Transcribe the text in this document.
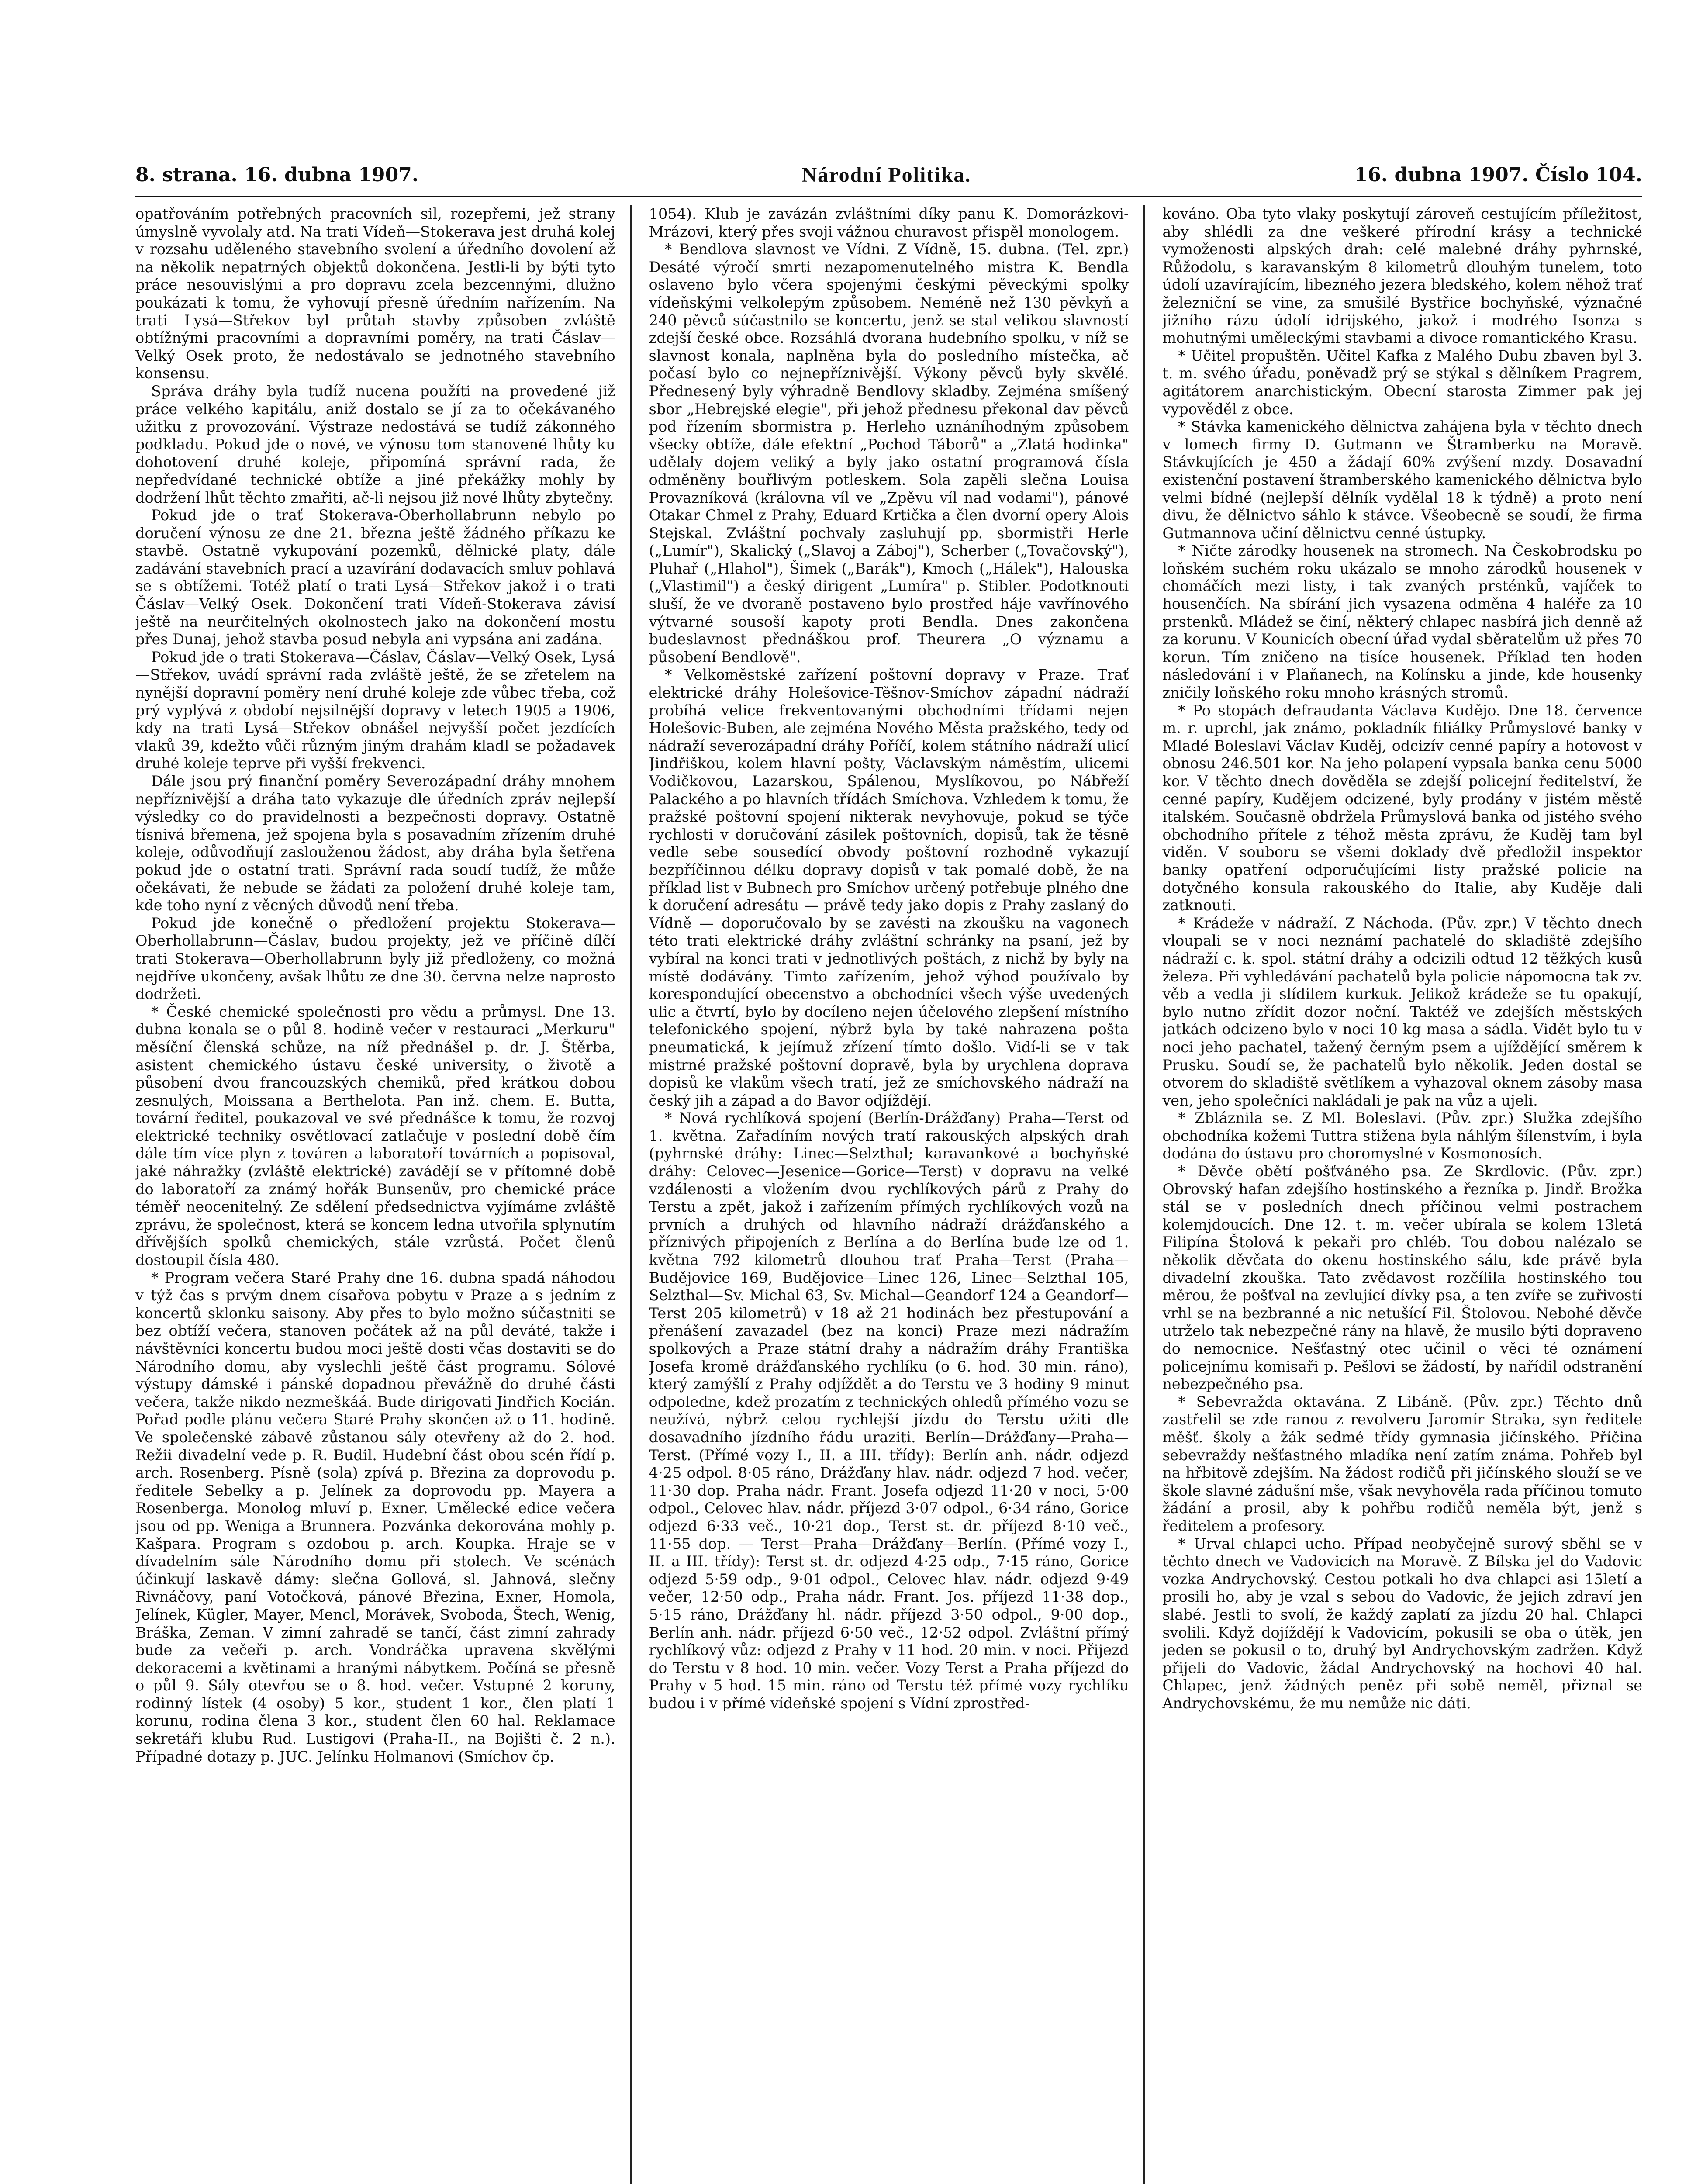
8. strana. 16. dubna 1907.	Národní Politika.	16. dubna 1907. Číslo 104.

opatřováním potřebných pracovních sil, rozepřemi, jež strany úmyslně vyvolaly atd. Na trati Vídeň—Stokerava jest druhá kolej v rozsahu uděleného stavebního svolení a úředního dovolení až na několik nepatrných objektů dokončena. Jestli-li by býti tyto práce nesouvislými a pro dopravu zcela bezcennými, dlužno poukázati k tomu, že vyhovují přesně úředním nařízením. Na trati Lysá—Střekov byl průtah stavby způsoben zvláště obtížnými pracovními a dopravními poměry, na trati Čáslav—Velký Osek proto, že nedostávalo se jednotného stavebního konsensu.

Správa dráhy byla tudíž nucena použíti na provedené již práce velkého kapitálu, aniž dostalo se jí za to očekávaného užitku z provozování. Výstraze nedostává se tudíž zákonného podkladu. Pokud jde o nové, ve výnosu tom stanovené lhůty ku dohotovení druhé koleje, připomíná správní rada, že nepředvídané technické obtíže a jiné překážky mohly by dodržení lhůt těchto zmařiti, ač-li nejsou již nové lhůty zbytečny.

Pokud jde o trať Stokerava-Oberhollabrunn nebylo po doručení výnosu ze dne 21. března ještě žádného příkazu ke stavbě. Ostatně vykupování pozemků, dělnické platy, dále zadávání stavebních prací a uzavírání dodavacích smluv pohlavá se s obtížemi. Totéž platí o trati Lysá—Střekov jakož i o trati Čáslav—Velký Osek. Dokončení trati Vídeň-Stokerava závisí ještě na neurčitelných okolnostech jako na dokončení mostu přes Dunaj, jehož stavba posud nebyla ani vypsána ani zadána.

Pokud jde o trati Stokerava—Čáslav, Čáslav—Velký Osek, Lysá—Střekov, uvádí správní rada zvláště ještě, že se zřetelem na nynější dopravní poměry není druhé koleje zde vůbec třeba, což prý vyplývá z období nejsilnější dopravy v letech 1905 a 1906, kdy na trati Lysá—Střekov obnášel nejvyšší počet jezdících vlaků 39, kdežto vůči různým jiným drahám kladl se požadavek druhé koleje teprve při vyšší frekvenci.

Dále jsou prý finanční poměry Severozápadní dráhy mnohem nepříznivější a dráha tato vykazuje dle úředních zpráv nejlepší výsledky co do pravidelnosti a bezpečnosti dopravy. Ostatně tísnivá břemena, jež spojena byla s posavadním zřízením druhé koleje, odůvodňují zaslouženou žádost, aby dráha byla šetřena pokud jde o ostatní trati. Správní rada soudí tudíž, že může očekávati, že nebude se žádati za položení druhé koleje tam, kde toho nyní z věcných důvodů není třeba.

Pokud jde konečně o předložení projektu Stokerava—Oberhollabrunn—Čáslav, budou projekty, jež ve příčině dílčí trati Stokerava—Oberhollabrunn byly již předloženy, co možná nejdříve ukončeny, avšak lhůtu ze dne 30. června nelze naprosto dodržeti.

* České chemické společnosti pro vědu a průmysl. Dne 13. dubna konala se o půl 8. hodině večer v restauraci „Merkuru" měsíční členská schůze, na níž přednášel p. dr. J. Štěrba, asistent chemického ústavu české university, o životě a působení dvou francouzských chemiků, před krátkou dobou zesnulých, Moissana a Berthelota. Pan inž. chem. E. Butta, tovární ředitel, poukazoval ve své přednášce k tomu, že rozvoj elektrické techniky osvětlovací zatlačuje v poslední době čím dále tím více plyn z továren a laboratoří továrních a popisoval, jaké náhražky (zvláště elektrické) zavádějí se v přítomné době do laboratoří za známý hořák Bunsenův, pro chemické práce téměř neocenitelný. Ze sdělení předsednictva vyjímáme zvláště zprávu, že společnost, která se koncem ledna utvořila splynutím dřívějších spolků chemických, stále vzrůstá. Počet členů dostoupil čísla 480.

* Program večera Staré Prahy dne 16. dubna spadá náhodou v týž čas s prvým dnem císařova pobytu v Praze a s jedním z koncertů sklonku saisony. Aby přes to bylo možno súčastniti se bez obtíží večera, stanoven počátek až na půl deváté, takže i návštěvníci koncertu budou moci ještě dosti včas dostaviti se do Národního domu, aby vyslechli ještě část programu. Sólové výstupy dámské i pánské dopadnou převážně do druhé části večera, takže nikdo nezmeškáá. Bude dirigovati Jindřich Kocián. Pořad podle plánu večera Staré Prahy skončen až o 11. hodině. Ve společenské zábavě zůstanou sály otevřeny až do 2. hod. Režii divadelní vede p. R. Budil. Hudební část obou scén řídí p. arch. Rosenberg. Písně (sola) zpívá p. Březina za doprovodu p. ředitele Sebelky a p. Jelínek za doprovodu pp. Mayera a Rosenberga. Monolog mluví p. Exner. Umělecké edice večera jsou od pp. Weniga a Brunnera. Pozvánka dekorována mohly p. Kašpara. Program s ozdobou p. arch. Koupka. Hraje se v dívadelním sále Národního domu při stolech. Ve scénách účinkují laskavě dámy: slečna Gollová, sl. Jahnová, slečny Rivnáčovy, paní Votočková, pánové Březina, Exner, Homola, Jelínek, Kügler, Mayer, Mencl, Morávek, Svoboda, Štech, Wenig, Bráška, Zeman. V zimní zahradě se tančí, část zimní zahrady bude za večeři p. arch. Vondráčka upravena skvělými dekoracemi a květinami a hranými nábytkem. Počíná se přesně o půl 9. Sály otevřou se o 8. hod. večer. Vstupné 2 koruny, rodinný lístek (4 osoby) 5 kor., student 1 kor., člen platí 1 korunu, rodina člena 3 kor., student člen 60 hal. Reklamace sekretáři klubu Rud. Lustigovi (Praha-II., na Bojišti č. 2 n.). Případné dotazy p. JUC. Jelínku Holmanovi (Smíchov čp.

1054). Klub je zavázán zvláštními díky panu K. Domorázkovi-Mrázovi, který přes svoji vážnou churavost přispěl monologem.

* Bendlova slavnost ve Vídni. Z Vídně, 15. dubna. (Tel. zpr.) Desáté výročí smrti nezapomenutelného mistra K. Bendla oslaveno bylo včera spojenými českými pěveckými spolky vídeňskými velkolepým způsobem. Neméně než 130 pěvkyň a 240 pěvců súčastnilo se koncertu, jenž se stal velikou slavností zdejší české obce. Rozsáhlá dvorana hudebního spolku, v níž se slavnost konala, naplněna byla do posledního místečka, ač počasí bylo co nejnepříznivější. Výkony pěvců byly skvělé. Přednesený byly výhradně Bendlovy skladby. Zejména smíšený sbor „Hebrejské elegie", při jehož přednesu překonal dav pěvců pod řízením sbormistra p. Herleho uznáníhodným způsobem všecky obtíže, dále efektní „Pochod Táborů" a „Zlatá hodinka" udělaly dojem veliký a byly jako ostatní programová čísla odměněny bouřlivým potleskem. Sola zapěli slečna Louisa Provazníková (královna víl ve „Zpěvu víl nad vodami"), pánové Otakar Chmel z Prahy, Eduard Krtička a člen dvorní opery Alois Stejskal. Zvláštní pochvaly zasluhují pp. sbormistři Herle („Lumír"), Skalický („Slavoj a Záboj"), Scherber („Tovačovský"), Pluhař („Hlahol"), Šimek („Barák"), Kmoch („Hálek"), Halouska („Vlastimil") a český dirigent „Lumíra" p. Stibler. Podotknouti sluší, že ve dvoraně postaveno bylo prostřed háje vavřínového výtvarné sousoší kapoty proti Bendla. Dnes zakončena budeslavnost přednáškou prof. Theurera „O významu a působení Bendlově".

* Velkoměstské zařízení poštovní dopravy v Praze. Trať elektrické dráhy Holešovice-Těšnov-Smíchov západní nádraží probíhá velice frekventovanými obchodními třídami nejen Holešovic-Buben, ale zejména Nového Města pražského, tedy od nádraží severozápadní dráhy Poříčí, kolem státního nádraží ulicí Jindřiškou, kolem hlavní pošty, Václavským náměstím, ulicemi Vodičkovou, Lazarskou, Spálenou, Myslíkovou, po Nábřeží Palackého a po hlavních třídách Smíchova. Vzhledem k tomu, že pražské poštovní spojení nikterak nevyhovuje, pokud se týče rychlosti v doručování zásilek poštovních, dopisů, tak že těsně vedle sebe sousedící obvody poštovní rozhodně vykazují bezpříčinnou délku dopravy dopisů v tak pomalé době, že na příklad list v Bubnech pro Smíchov určený potřebuje plného dne k doručení adresátu — právě tedy jako dopis z Prahy zaslaný do Vídně — doporučovalo by se zavésti na zkoušku na vagonech této trati elektrické dráhy zvláštní schránky na psaní, jež by vybíral na konci trati v jednotlivých poštách, z nichž by byly na místě dodávány. Timto zařízením, jehož výhod používalo by korespondující obecenstvo a obchodníci všech výše uvedených ulic a čtvrtí, bylo by docíleno nejen účelového zlepšení místního telefonického spojení, nýbrž byla by také nahrazena pošta pneumatická, k jejímuž zřízení tímto došlo. Vidí-li se v tak mistrné pražské poštovní dopravě, byla by urychlena doprava dopisů ke vlakům všech tratí, jež ze smíchovského nádraží na český jih a západ a do Bavor odjíždějí.

* Nová rychlíková spojení (Berlín-Drážďany) Praha—Terst od 1. května. Zařadíním nových tratí rakouských alpských drah (pyhrnské dráhy: Linec—Selzthal; karavankové a bochyňské dráhy: Celovec—Jesenice—Gorice—Terst) v dopravu na velké vzdálenosti a vložením dvou rychlíkových párů z Prahy do Terstu a zpět, jakož i zařízením přímých rychlíkových vozů na prvních a druhých od hlavního nádraží drážďanského a příznivých připojeních z Berlína a do Berlína bude lze od 1. května 792 kilometrů dlouhou trať Praha—Terst (Praha—Budějovice 169, Budějovice—Linec 126, Linec—Selzthal 105, Selzthal—Sv. Michal 63, Sv. Michal—Geandorf 124 a Geandorf—Terst 205 kilometrů) v 18 až 21 hodinách bez přestupování a přenášení zavazadel (bez na konci) Praze mezi nádražím spolkových a Praze státní drahy a nádražím dráhy Františka Josefa kromě drážďanského rychlíku (o 6. hod. 30 min. ráno), který zamýšlí z Prahy odjíždět a do Terstu ve 3 hodiny 9 minut odpoledne, kdež prozatím z technických ohledů přímého vozu se neužívá, nýbrž celou rychlejší jízdu do Terstu užiti dle dosavadního jízdního řádu uraziti. Berlín—Drážďany—Praha—Terst. (Přímé vozy I., II. a III. třídy): Berlín anh. nádr. odjezd 4·25 odpol. 8·05 ráno, Drážďany hlav. nádr. odjezd 7 hod. večer, 11·30 dop. Praha nádr. Frant. Josefa odjezd 11·20 v noci, 5·00 odpol., Celovec hlav. nádr. příjezd 3·07 odpol., 6·34 ráno, Gorice odjezd 6·33 več., 10·21 dop., Terst st. dr. příjezd 8·10 več., 11·55 dop. — Terst—Praha—Drážďany—Berlín. (Přímé vozy I., II. a III. třídy): Terst st. dr. odjezd 4·25 odp., 7·15 ráno, Gorice odjezd 5·59 odp., 9·01 odpol., Celovec hlav. nádr. odjezd 9·49 večer, 12·50 odp., Praha nádr. Frant. Jos. příjezd 11·38 dop., 5·15 ráno, Drážďany hl. nádr. příjezd 3·50 odpol., 9·00 dop., Berlín anh. nádr. příjezd 6·50 več., 12·52 odpol. Zvláštní přímý rychlíkový vůz: odjezd z Prahy v 11 hod. 20 min. v noci. Přijezd do Terstu v 8 hod. 10 min. večer. Vozy Terst a Praha příjezd do Prahy v 5 hod. 15 min. ráno od Terstu též přímé vozy rychlíku budou i v přímé vídeňské spojení s Vídní zprostřed-

kováno. Oba tyto vlaky poskytují zároveň cestujícím příležitost, aby shlédli za dne veškeré přírodní krásy a technické vymoženosti alpských drah: celé malebné dráhy pyhrnské, Růžodolu, s karavanským 8 kilometrů dlouhým tunelem, toto údolí uzavírajícím, libezného jezera bledského, kolem něhož trať železniční se vine, za smušilé Bystřice bochyňské, význačné jižního rázu údolí idrijského, jakož i modrého Isonza s mohutnými uměleckými stavbami a divoce romantického Krasu.

* Učitel propuštěn. Učitel Kafka z Malého Dubu zbaven byl 3. t. m. svého úřadu, poněvadž prý se stýkal s dělníkem Pragrem, agitátorem anarchistickým. Obecní starosta Zimmer pak jej vypověděl z obce.

* Stávka kamenického dělnictva zahájena byla v těchto dnech v lomech firmy D. Gutmann ve Štramberku na Moravě. Stávkujících je 450 a žádají 60% zvýšení mzdy. Dosavadní existenční postavení štramberského kamenického dělnictva bylo velmi bídné (nejlepší dělník vydělal 18 k týdně) a proto není divu, že dělnictvo sáhlo k stávce. Všeobecně se soudí, že firma Gutmannova učiní dělnictvu cenné ústupky.

* Ničte zárodky housenek na stromech. Na Českobrodsku po loňském suchém roku ukázalo se mnoho zárodků housenek v chomáčích mezi listy, i tak zvaných prsténků, vajíček to housenčích. Na sbírání jich vysazena odměna 4 haléře za 10 prstenků. Mládež se činí, některý chlapec nasbírá jich denně až za korunu. V Kounicích obecní úřad vydal sběratelům už přes 70 korun. Tím zničeno na tisíce housenek. Příklad ten hoden následování i v Plaňanech, na Kolínsku a jinde, kde housenky zničily loňského roku mnoho krásných stromů.

* Po stopách defraudanta Václava Kudějo. Dne 18. července m. r. uprchl, jak známo, pokladník filiálky Průmyslové banky v Mladé Boleslavi Václav Kuděj, odcizív cenné papíry a hotovost v obnosu 246.501 kor. Na jeho polapení vypsala banka cenu 5000 kor. V těchto dnech dověděla se zdejší policejní ředitelství, že cenné papíry, Kudějem odcizené, byly prodány v jistém městě italském. Současně obdržela Průmyslová banka od jistého svého obchodního přítele z téhož města zprávu, že Kuděj tam byl viděn. V souboru se všemi doklady dvě předložil inspektor banky opatření odporučujícími listy pražské policie na dotyčného konsula rakouského do Italie, aby Kuděje dali zatknouti.

* Krádeže v nádraží. Z Náchoda. (Pův. zpr.) V těchto dnech vloupali se v noci neznámí pachatelé do skladiště zdejšího nádraží c. k. spol. státní dráhy a odcizili odtud 12 těžkých kusů železa. Při vyhledávání pachatelů byla policie nápomocna tak zv. věb a vedla ji slídilem kurkuk. Jelikož krádeže se tu opakují, bylo nutno zřídit dozor noční. Taktéž ve zdejších městských jatkách odcizeno bylo v noci 10 kg masa a sádla. Vidět bylo tu v noci jeho pachatel, tažený černým psem a ujíždějící směrem k Prusku. Soudí se, že pachatelů bylo několik. Jeden dostal se otvorem do skladiště světlíkem a vyhazoval oknem zásoby masa ven, jeho společníci nakládali je pak na vůz a ujeli.

* Zbláznila se. Z Ml. Boleslavi. (Pův. zpr.) Služka zdejšího obchodníka kožemi Tuttra stižena byla náhlým šílenstvím, i byla dodána do ústavu pro choromyslné v Kosmonosích.

* Děvče obětí pošťváného psa. Ze Skrdlovic. (Pův. zpr.) Obrovský hafan zdejšího hostinského a řezníka p. Jindř. Brožka stál se v posledních dnech příčinou velmi postrachem kolemjdoucích. Dne 12. t. m. večer ubírala se kolem 13letá Filipína Štolová k pekaři pro chléb. Tou dobou nalézalo se několik děvčata do okenu hostinského sálu, kde právě byla divadelní zkouška. Tato zvědavost rozčílila hostinského tou měrou, že pošťval na zevlující dívky psa, a ten zvíře se zuřivostí vrhl se na bezbranné a nic netušící Fil. Štolovou. Nebohé děvče utrželo tak nebezpečné rány na hlavě, že musilo býti dopraveno do nemocnice. Nešťastný otec učinil o věci té oznámení policejnímu komisaři p. Pešlovi se žádostí, by nařídil odstranění nebezpečného psa.

* Sebevražda oktavána. Z Libáně. (Pův. zpr.) Těchto dnů zastřelil se zde ranou z revolveru Jaromír Straka, syn ředitele měšť. školy a žák sedmé třídy gymnasia jičínského. Příčina sebevraždy nešťastného mladíka není zatím známa. Pohřeb byl na hřbitově zdejším. Na žádost rodičů při jičínského slouží se ve škole slavné zádušní mše, však nevyhověla rada příčinou tomuto žádání a prosil, aby k pohřbu rodičů neměla být, jenž s ředitelem a profesory.

* Urval chlapci ucho. Případ neobyčejně surový sběhl se v těchto dnech ve Vadovicích na Moravě. Z Bílska jel do Vadovic vozka Andrychovský. Cestou potkali ho dva chlapci asi 15letí a prosili ho, aby je vzal s sebou do Vadovic, že jejich zdraví jen slabé. Jestli to svolí, že každý zaplatí za jízdu 20 hal. Chlapci svolili. Když dojíždějí k Vadovicím, pokusili se oba o útěk, jen jeden se pokusil o to, druhý byl Andrychovským zadržen. Když přijeli do Vadovic, žádal Andrychovský na hochovi 40 hal. Chlapec, jenž žádných peněz při sobě neměl, přiznal se Andrychovskému, že mu nemůže nic dáti.
